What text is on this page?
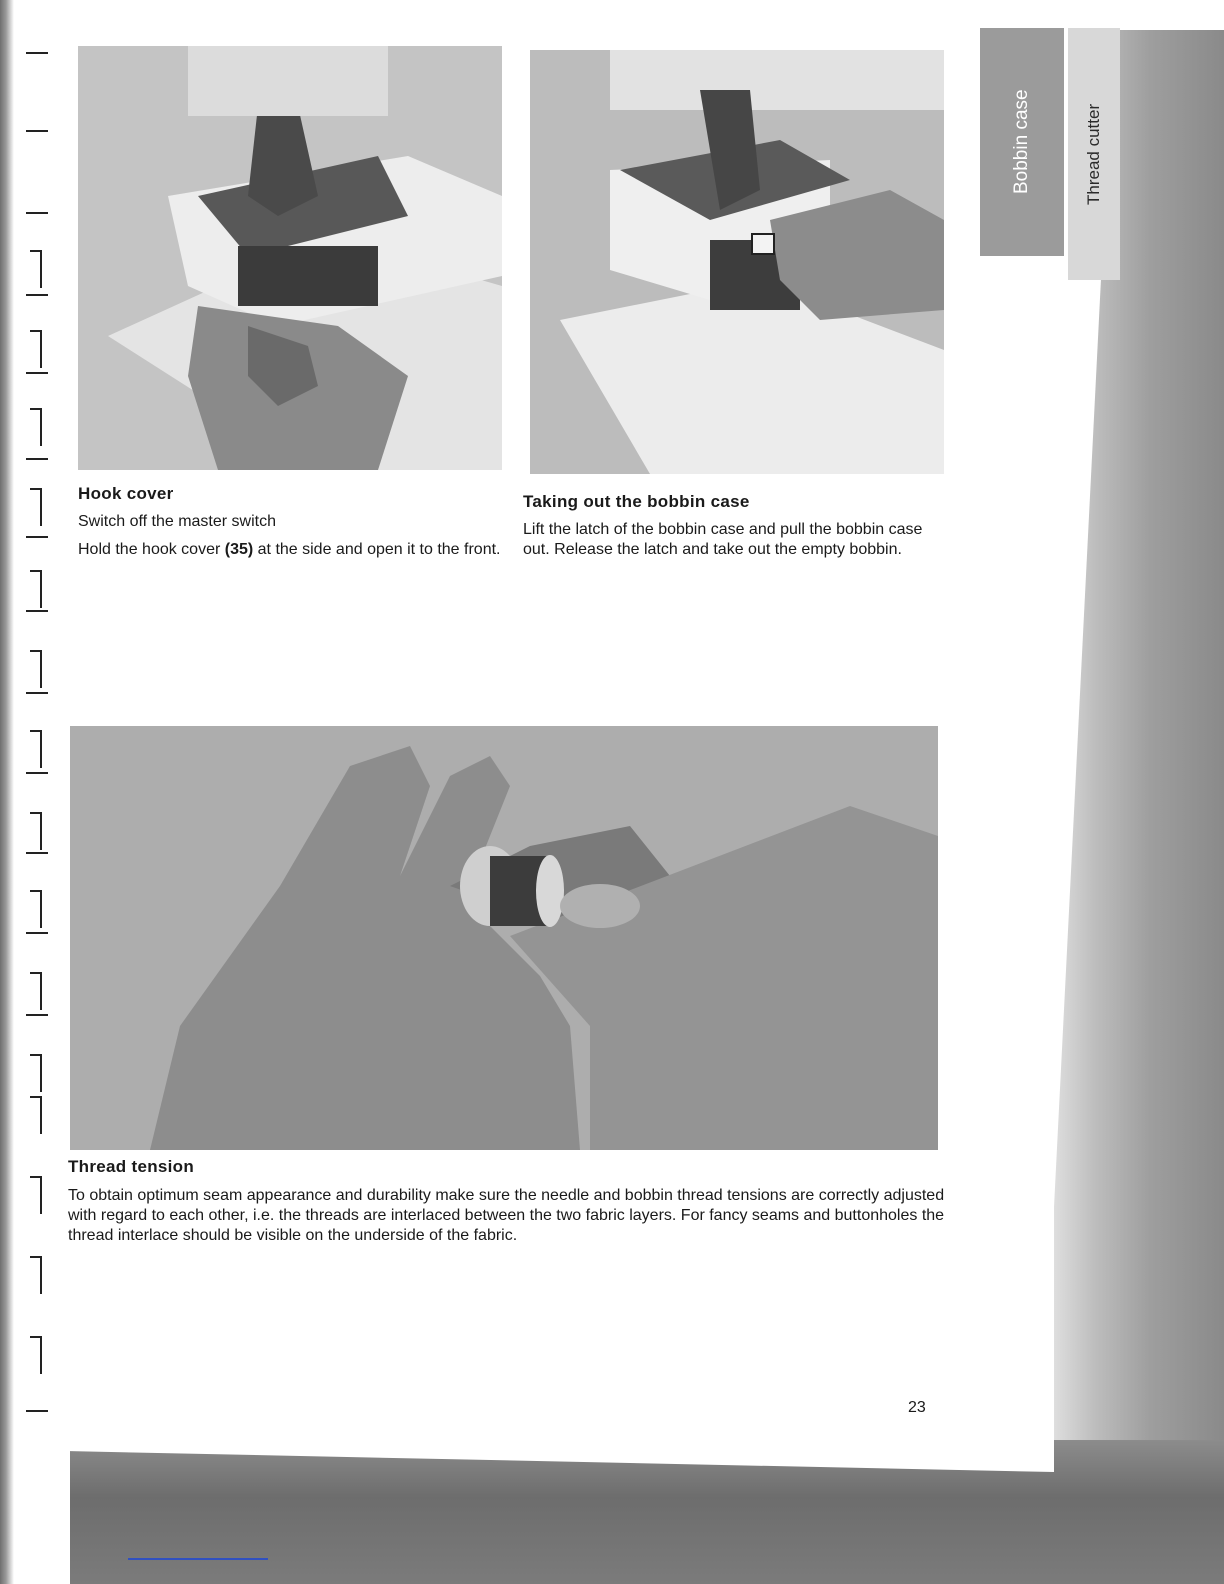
Hook cover

Switch off the master switch

Hold the hook cover (35) at the side and open it to the front.

Taking out the bobbin case

Lift the latch of the bobbin case and pull the bobbin case out. Release the latch and take out the empty bobbin.

Thread tension

To obtain optimum seam appearance and durability make sure the needle and bobbin thread tensions are correctly adjusted with regard to each other, i.e. the threads are interlaced between the two fabric layers. For fancy seams and buttonholes the thread interlace should be visible on the underside of the fabric.

23

Bobbin case	Thread cutter
